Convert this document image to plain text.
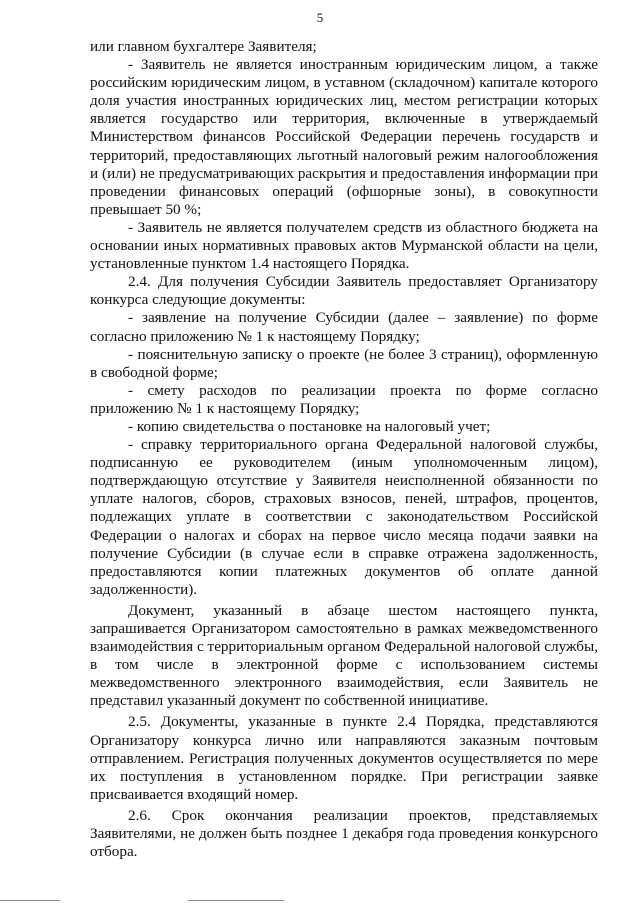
5

или главном бухгалтере Заявителя;

- Заявитель не является иностранным юридическим лицом, а также российским юридическим лицом, в уставном (складочном) капитале которого доля участия иностранных юридических лиц, местом регистрации которых является государство или территория, включенные в утверждаемый Министерством финансов Российской Федерации перечень государств и территорий, предоставляющих льготный налоговый режим налогообложения и (или) не предусматривающих раскрытия и предоставления информации при проведении финансовых операций (офшорные зоны), в совокупности превышает 50 %;

- Заявитель не является получателем средств из областного бюджета на основании иных нормативных правовых актов Мурманской области на цели, установленные пунктом 1.4 настоящего Порядка.

2.4. Для получения Субсидии Заявитель предоставляет Организатору конкурса следующие документы:

- заявление на получение Субсидии (далее – заявление) по форме согласно приложению № 1 к настоящему Порядку;

- пояснительную записку о проекте (не более 3 страниц), оформленную в свободной форме;

- смету расходов по реализации проекта по форме согласно приложению № 1 к настоящему Порядку;

- копию свидетельства о постановке на налоговый учет;

- справку территориального органа Федеральной налоговой службы, подписанную ее руководителем (иным уполномоченным лицом), подтверждающую отсутствие у Заявителя неисполненной обязанности по уплате налогов, сборов, страховых взносов, пеней, штрафов, процентов, подлежащих уплате в соответствии с законодательством Российской Федерации о налогах и сборах на первое число месяца подачи заявки на получение Субсидии (в случае если в справке отражена задолженность, предоставляются копии платежных документов об оплате данной задолженности).

Документ, указанный в абзаце шестом настоящего пункта, запрашивается Организатором самостоятельно в рамках межведомственного взаимодействия с территориальным органом Федеральной налоговой службы, в том числе в электронной форме с использованием системы межведомственного электронного взаимодействия, если Заявитель не представил указанный документ по собственной инициативе.

2.5. Документы, указанные в пункте 2.4 Порядка, представляются Организатору конкурса лично или направляются заказным почтовым отправлением. Регистрация полученных документов осуществляется по мере их поступления в установленном порядке. При регистрации заявке присваивается входящий номер.

2.6. Срок окончания реализации проектов, представляемых Заявителями, не должен быть позднее 1 декабря года проведения конкурсного отбора.
